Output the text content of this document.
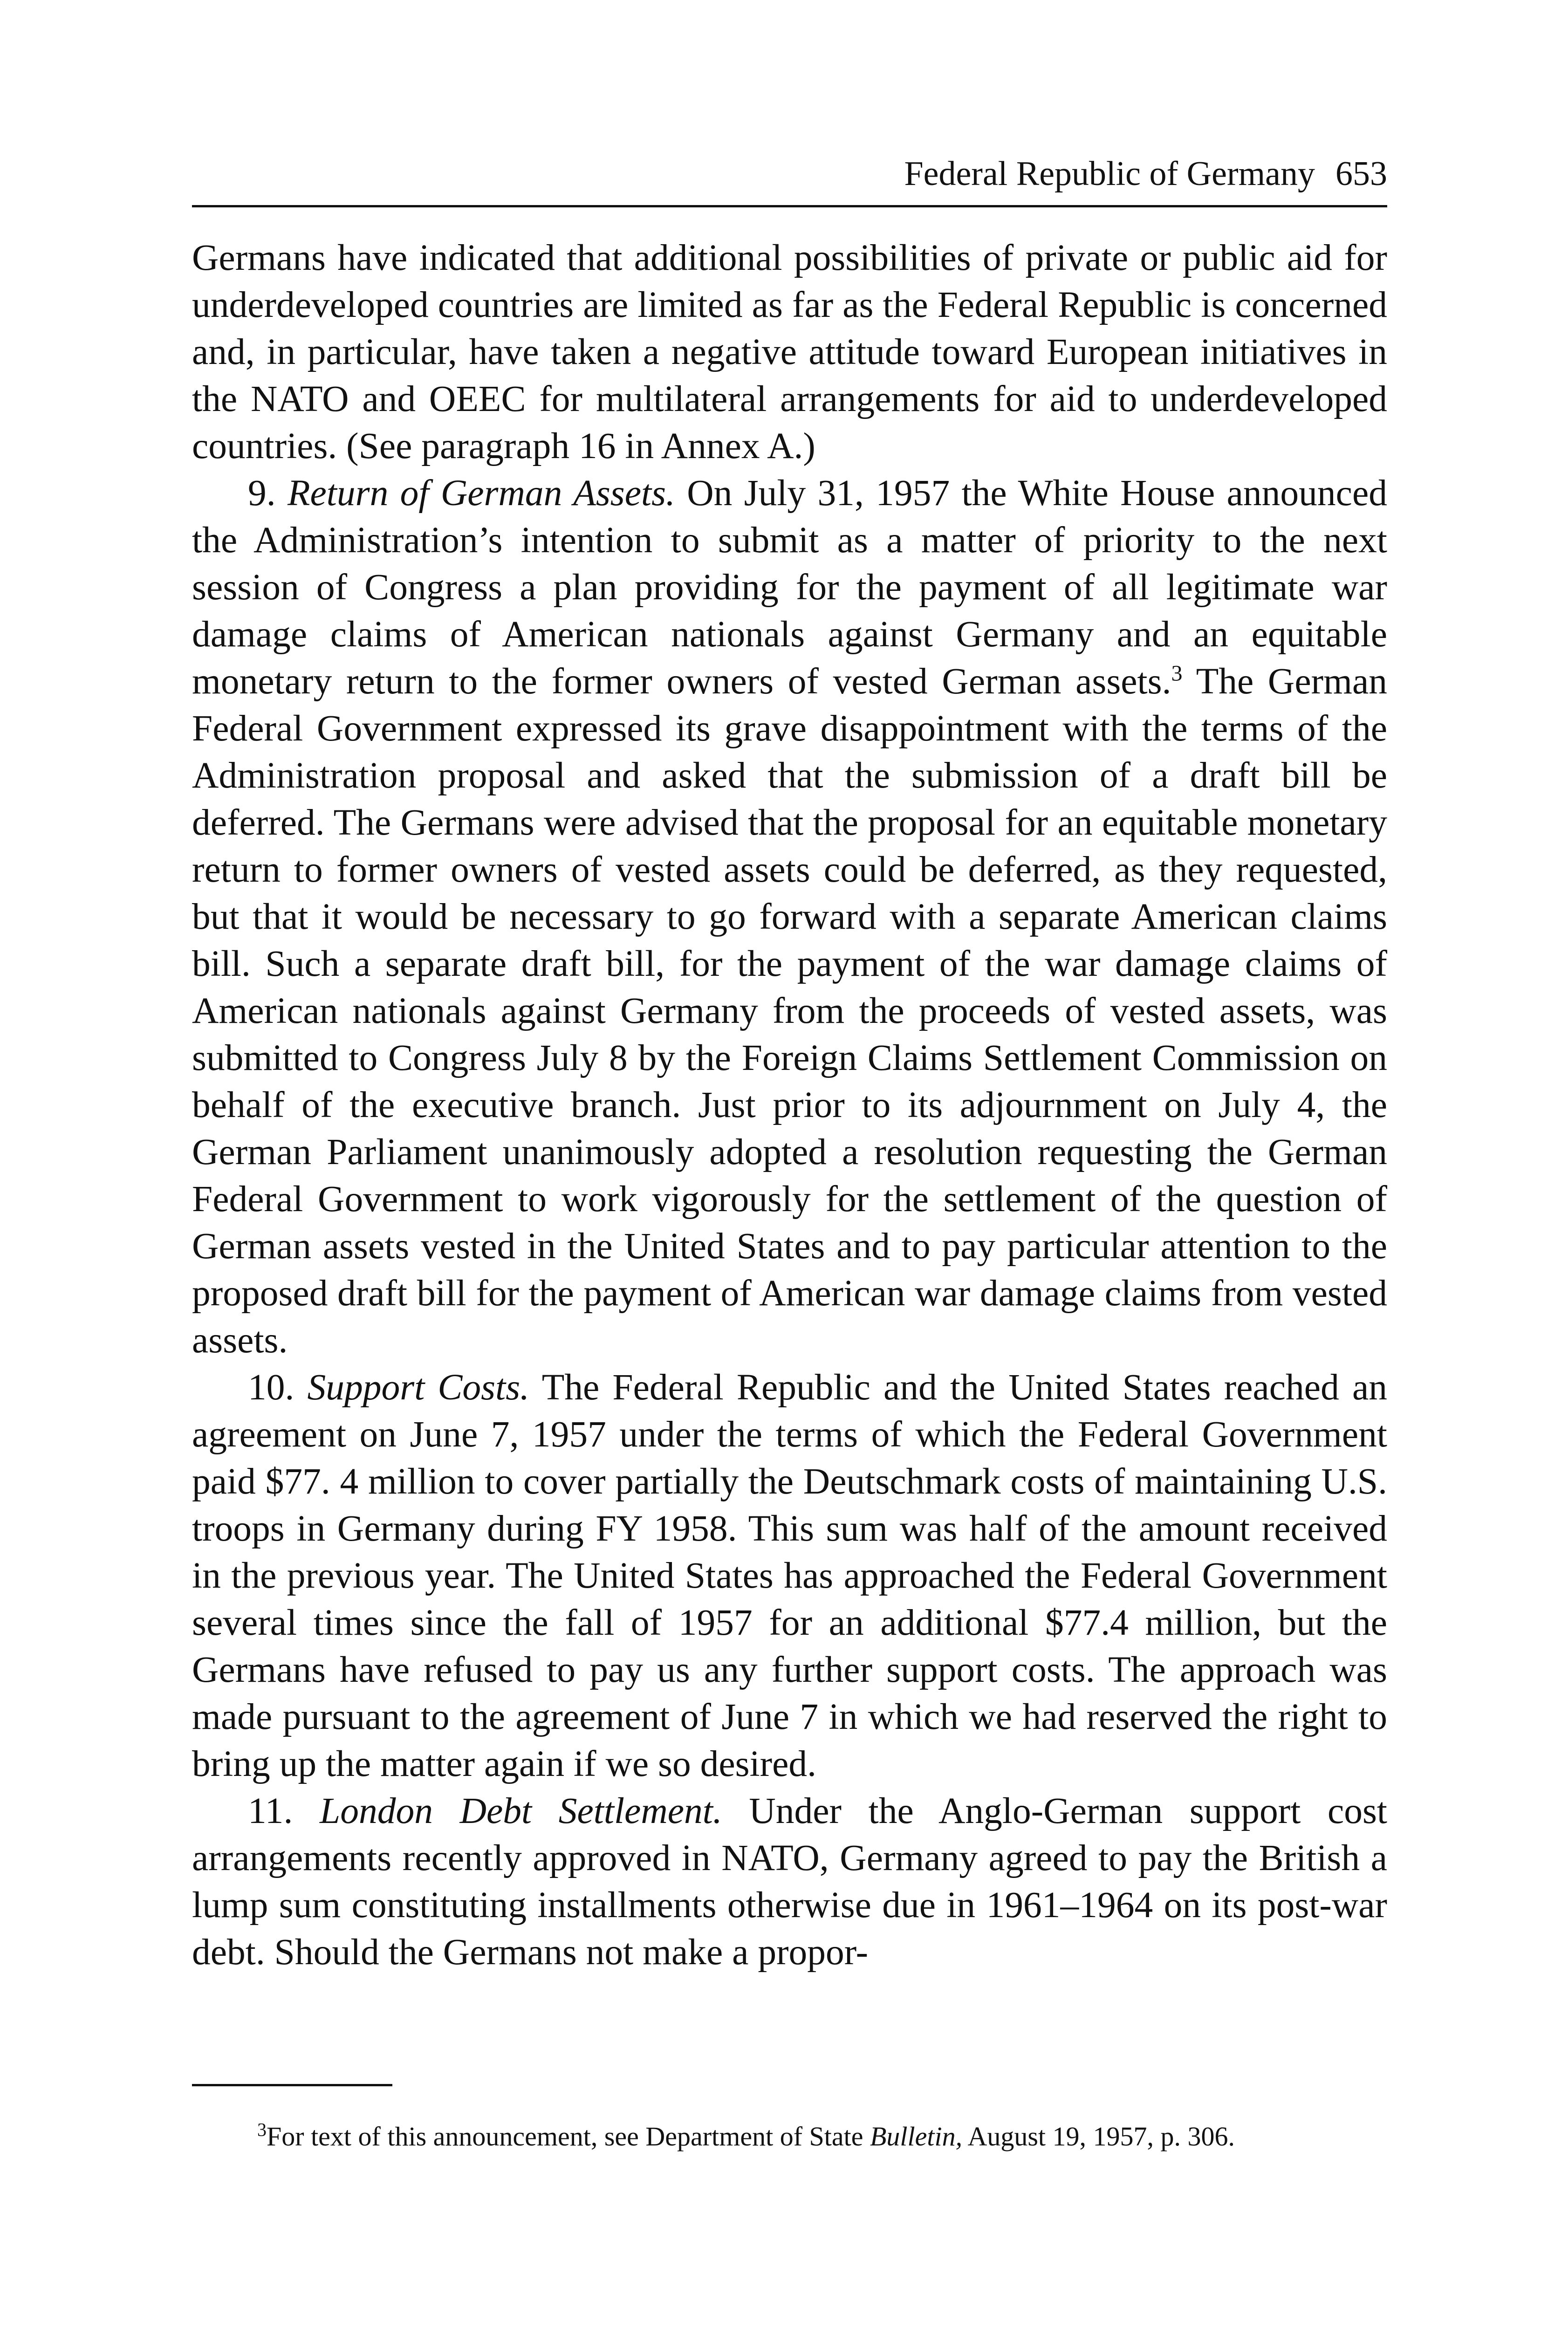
Federal Republic of Germany 653

Germans have indicated that additional possibilities of private or public aid for underdeveloped countries are limited as far as the Federal Republic is concerned and, in particular, have taken a negative attitude toward European initiatives in the NATO and OEEC for multilateral arrangements for aid to underdeveloped countries. (See paragraph 16 in Annex A.)

9. Return of German Assets. On July 31, 1957 the White House announced the Administration’s intention to submit as a matter of priority to the next session of Congress a plan providing for the payment of all legitimate war damage claims of American nationals against Germany and an equitable monetary return to the former owners of vested German assets.$^3$ The German Federal Government expressed its grave disappointment with the terms of the Administration proposal and asked that the submission of a draft bill be deferred. The Germans were advised that the proposal for an equitable monetary return to former owners of vested assets could be deferred, as they requested, but that it would be necessary to go forward with a separate American claims bill. Such a separate draft bill, for the payment of the war damage claims of American nationals against Germany from the proceeds of vested assets, was submitted to Congress July 8 by the Foreign Claims Settlement Commission on behalf of the executive branch. Just prior to its adjournment on July 4, the German Parliament unanimously adopted a resolution requesting the German Federal Government to work vigorously for the settlement of the question of German assets vested in the United States and to pay particular attention to the proposed draft bill for the payment of American war damage claims from vested assets.

10. Support Costs. The Federal Republic and the United States reached an agreement on June 7, 1957 under the terms of which the Federal Government paid $77. 4 million to cover partially the Deutschmark costs of maintaining U.S. troops in Germany during FY 1958. This sum was half of the amount received in the previous year. The United States has approached the Federal Government several times since the fall of 1957 for an additional $77.4 million, but the Germans have refused to pay us any further support costs. The approach was made pursuant to the agreement of June 7 in which we had reserved the right to bring up the matter again if we so desired.

11. London Debt Settlement. Under the Anglo-German support cost arrangements recently approved in NATO, Germany agreed to pay the British a lump sum constituting installments otherwise due in 1961–1964 on its post-war debt. Should the Germans not make a propor-

$^3$For text of this announcement, see Department of State Bulletin, August 19, 1957, p. 306.
